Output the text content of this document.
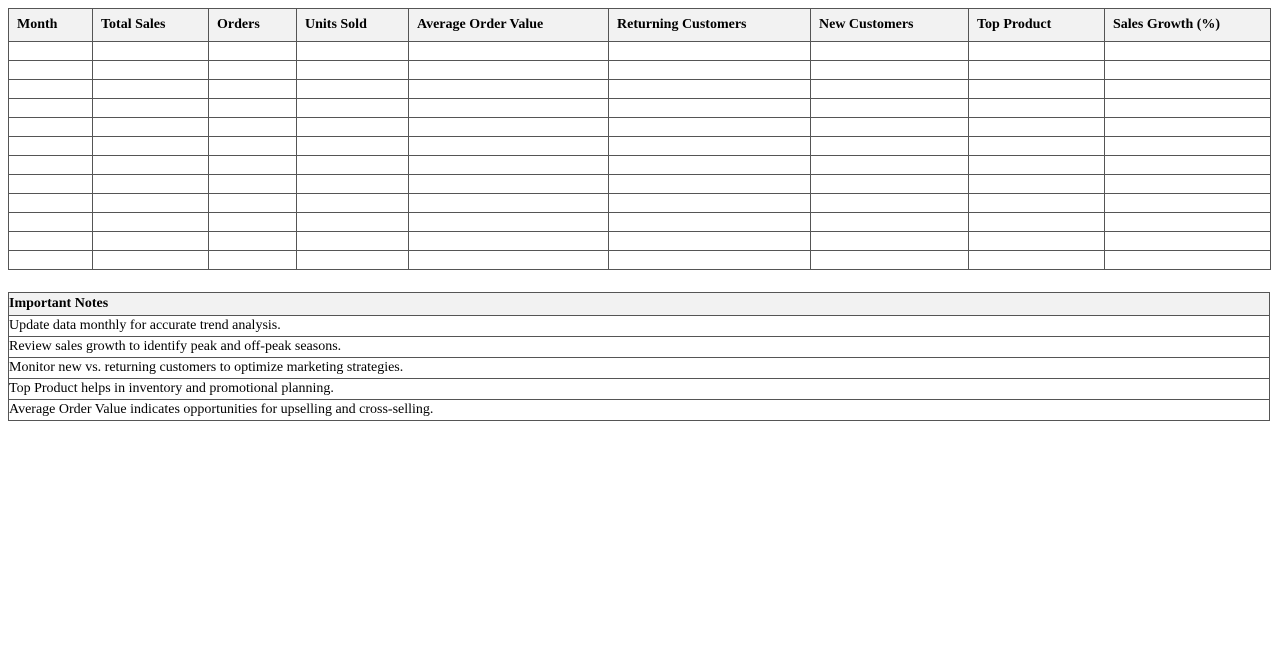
Month	Total Sales	Orders	Units Sold	Average Order Value	Returning Customers	New Customers	Top Product	Sales Growth (%)

Important Notes
Update data monthly for accurate trend analysis.
Review sales growth to identify peak and off-peak seasons.
Monitor new vs. returning customers to optimize marketing strategies.
Top Product helps in inventory and promotional planning.
Average Order Value indicates opportunities for upselling and cross-selling.
